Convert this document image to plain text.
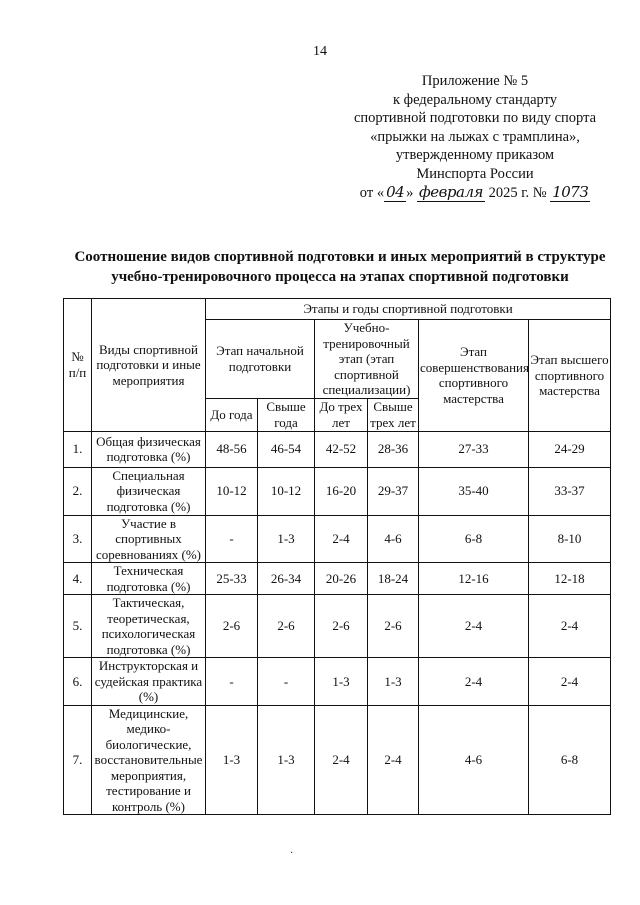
14
Приложение № 5
к федеральному стандарту
спортивной подготовки по виду спорта
«прыжки на лыжах с трамплина»,
утвержденному приказом
Минспорта России
от « 04 » февраля 2025 г. № 107З
Соотношение видов спортивной подготовки и иных мероприятий в структуре
учебно-тренировочного процесса на этапах спортивной подготовки
№ п/п	Виды спортивной подготовки и иные мероприятия	Этапы и годы спортивной подготовки					
		Этап начальной подготовки		Учебно-тренировочный этап (этап спортивной специализации)		Этап совершенствования спортивного мастерства	Этап высшего спортивного мастерства
		До года	Свыше года	До трех лет	Свыше трех лет		
1.	Общая физическая подготовка (%)	48-56	46-54	42-52	28-36	27-33	24-29
2.	Специальная физическая подготовка (%)	10-12	10-12	16-20	29-37	35-40	33-37
3.	Участие в спортивных соревнованиях (%)	-	1-3	2-4	4-6	6-8	8-10
4.	Техническая подготовка (%)	25-33	26-34	20-26	18-24	12-16	12-18
5.	Тактическая, теоретическая, психологическая подготовка (%)	2-6	2-6	2-6	2-6	2-4	2-4
6.	Инструкторская и судейская практика (%)	-	-	1-3	1-3	2-4	2-4
7.	Медицинские, медико-биологические, восстановительные мероприятия, тестирование и контроль (%)	1-3	1-3	2-4	2-4	4-6	6-8
·
